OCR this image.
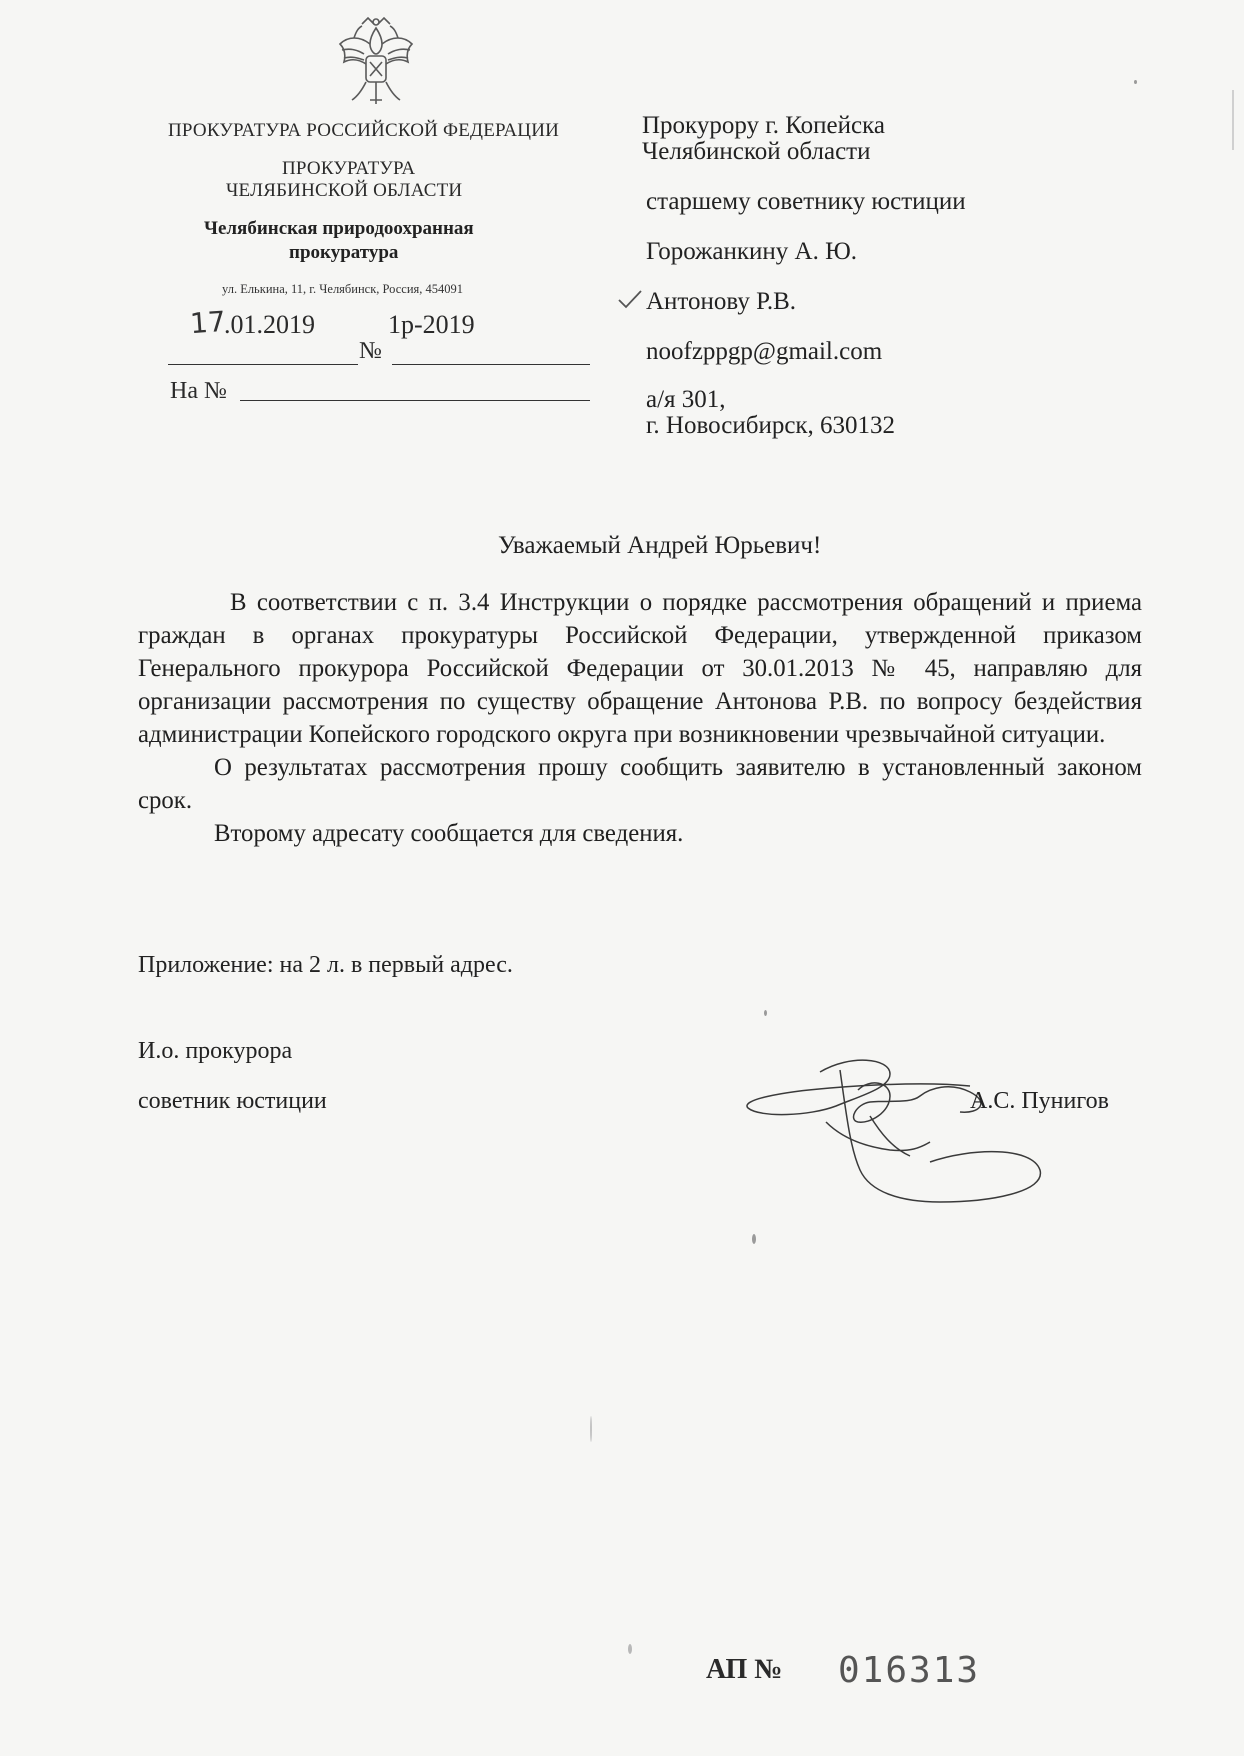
ПРОКУРАТУРА РОССИЙСКОЙ ФЕДЕРАЦИИ
ПРОКУРАТУРА
ЧЕЛЯБИНСКОЙ ОБЛАСТИ
Челябинская природоохранная
прокуратура
ул. Елькина, 11, г. Челябинск, Россия, 454091
17
.01.2019	1р-2019
№
На №
Прокурору г. Копейска
Челябинской области
старшему советнику юстиции
Горожанкину А. Ю.
Антонову Р.В.
noofzppgp@gmail.com
а/я 301,
г. Новосибирск, 630132
Уважаемый Андрей Юрьевич!

В соответствии с п. 3.4 Инструкции о порядке рассмотрения обращений и приема граждан в органах прокуратуры Российской Федерации, утвержденной приказом Генерального прокурора Российской Федерации от 30.01.2013 № 45, направляю для организации рассмотрения по существу обращение Антонова Р.В. по вопросу бездействия администрации Копейского городского округа при возникновении чрезвычайной ситуации.

О результатах рассмотрения прошу сообщить заявителю в установленный законом срок.

Второму адресату сообщается для сведения.

Приложение: на 2 л. в первый адрес.
И.о. прокурора
советник юстиции	А.С. Пунигов
АП № 016313
